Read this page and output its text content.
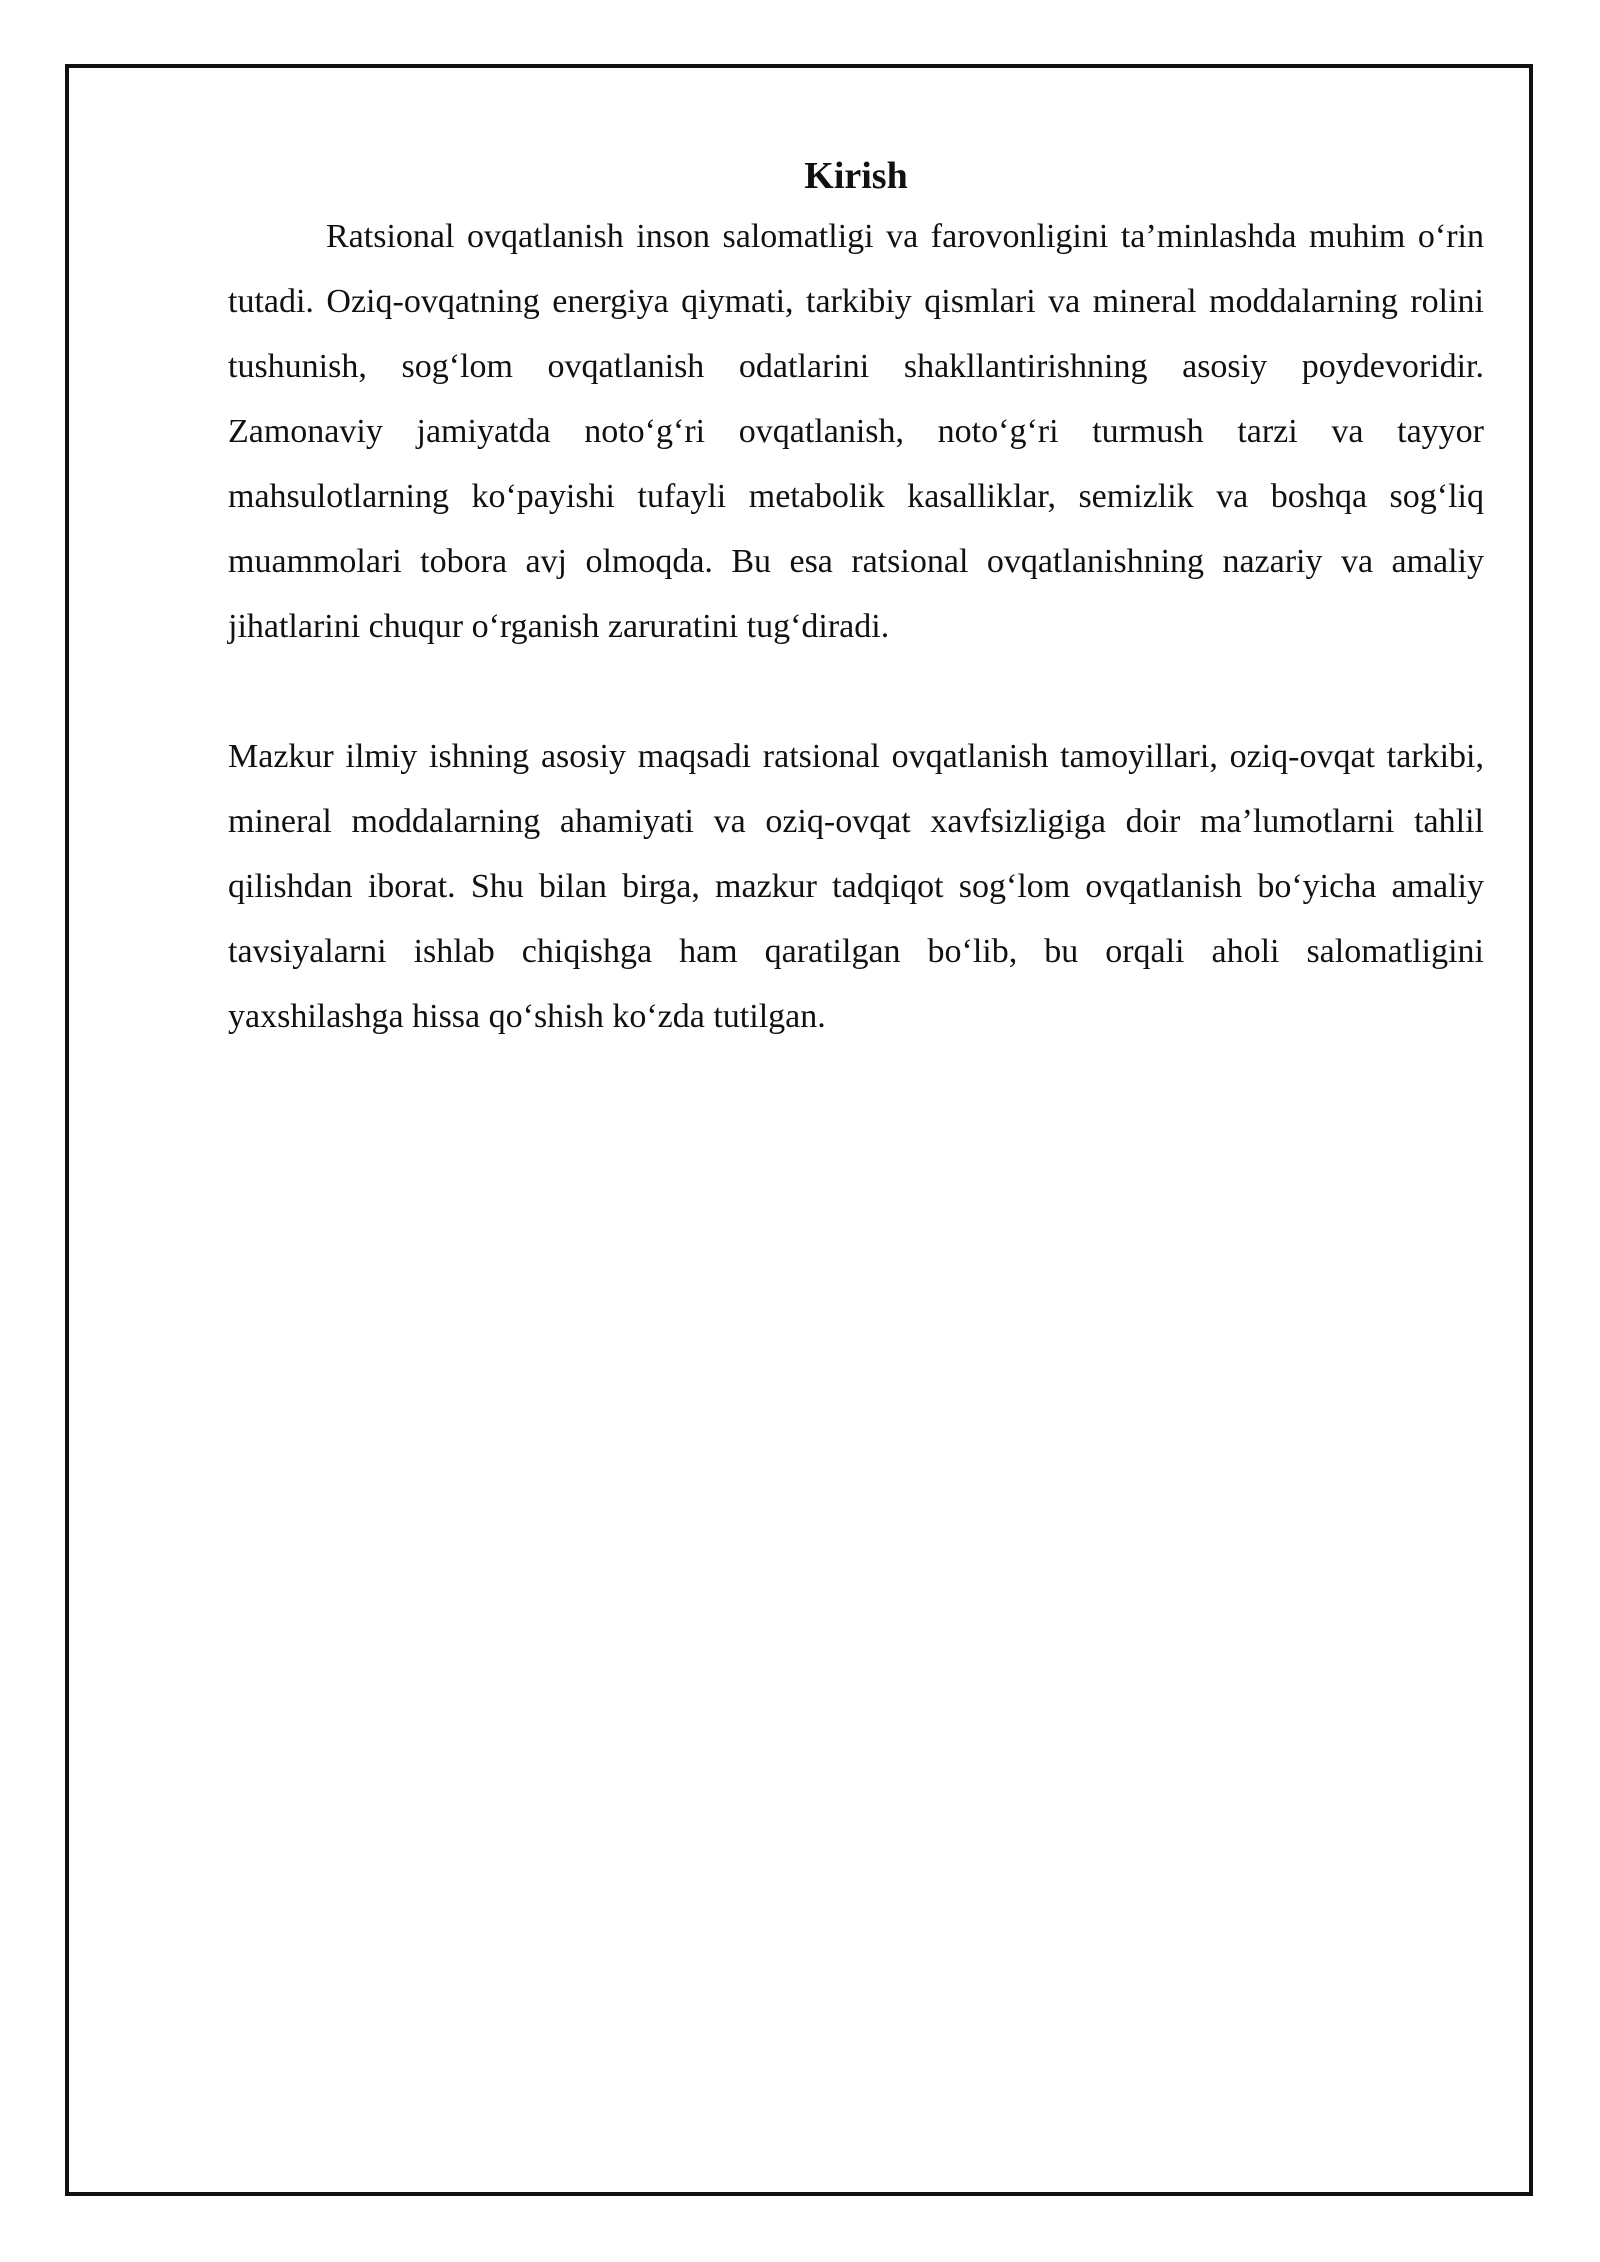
Kirish

Ratsional ovqatlanish inson salomatligi va farovonligini ta’minlashda muhim o‘rin tutadi. Oziq-ovqatning energiya qiymati, tarkibiy qismlari va mineral moddalarning rolini tushunish, sog‘lom ovqatlanish odatlarini shakllantirishning asosiy poydevoridir. Zamonaviy jamiyatda noto‘g‘ri ovqatlanish, noto‘g‘ri turmush tarzi va tayyor mahsulotlarning ko‘payishi tufayli metabolik kasalliklar, semizlik va boshqa sog‘liq muammolari tobora avj olmoqda. Bu esa ratsional ovqatlanishning nazariy va amaliy jihatlarini chuqur o‘rganish zaruratini tug‘diradi.

Mazkur ilmiy ishning asosiy maqsadi ratsional ovqatlanish tamoyillari, oziq-ovqat tarkibi, mineral moddalarning ahamiyati va oziq-ovqat xavfsizligiga doir ma’lumotlarni tahlil qilishdan iborat. Shu bilan birga, mazkur tadqiqot sog‘lom ovqatlanish bo‘yicha amaliy tavsiyalarni ishlab chiqishga ham qaratilgan bo‘lib, bu orqali aholi salomatligini yaxshilashga hissa qo‘shish ko‘zda tutilgan.
